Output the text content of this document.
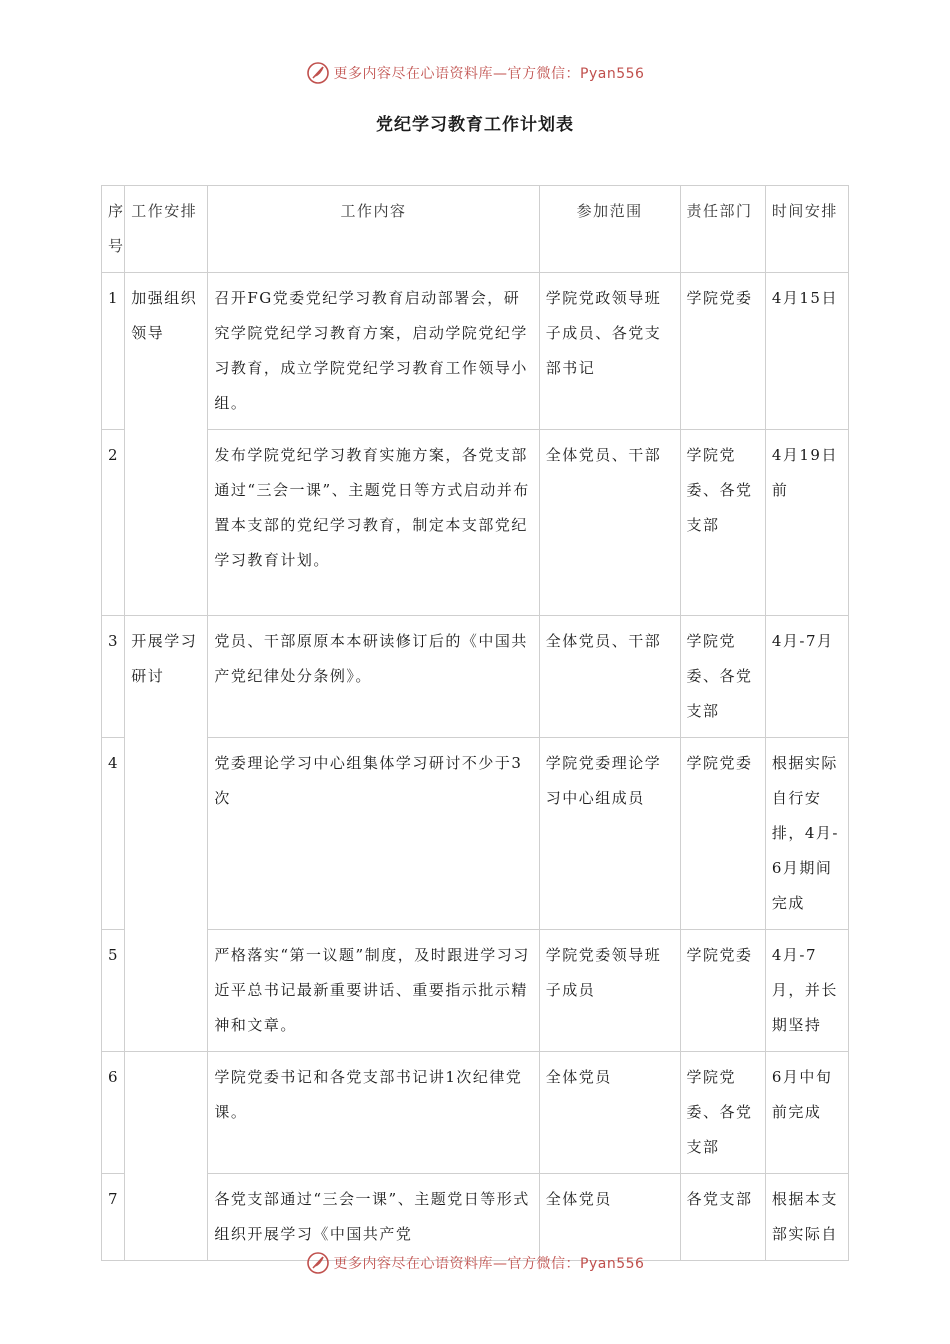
更多内容尽在心语资料库—官方微信：Pyan556
党纪学习教育工作计划表
序号	工作安排	工作内容	参加范围	责任部门	时间安排
1	加强组织领导	召开FG党委党纪学习教育启动部署会，研究学院党纪学习教育方案，启动学院党纪学习教育，成立学院党纪学习教育工作领导小组。	学院党政领导班子成员、各党支部书记	学院党委	4月15日
2		发布学院党纪学习教育实施方案，各党支部通过“三会一课”、主题党日等方式启动并布置本支部的党纪学习教育，制定本支部党纪学习教育计划。	全体党员、干部	学院党委、各党支部	4月19日前
3	开展学习研讨	党员、干部原原本本研读修订后的《中国共产党纪律处分条例》。	全体党员、干部	学院党委、各党支部	4月-7月
4		党委理论学习中心组集体学习研讨不少于3次	学院党委理论学习中心组成员	学院党委	根据实际自行安排，4月-6月期间完成
5		严格落实“第一议题”制度，及时跟进学习习近平总书记最新重要讲话、重要指示批示精神和文章。	学院党委领导班子成员	学院党委	4月-7月，并长期坚持
6		学院党委书记和各党支部书记讲1次纪律党课。	全体党员	学院党委、各党支部	6月中旬前完成
7		各党支部通过“三会一课”、主题党日等形式组织开展学习《中国共产党	全体党员	各党支部	根据本支部实际自
更多内容尽在心语资料库—官方微信：Pyan556
